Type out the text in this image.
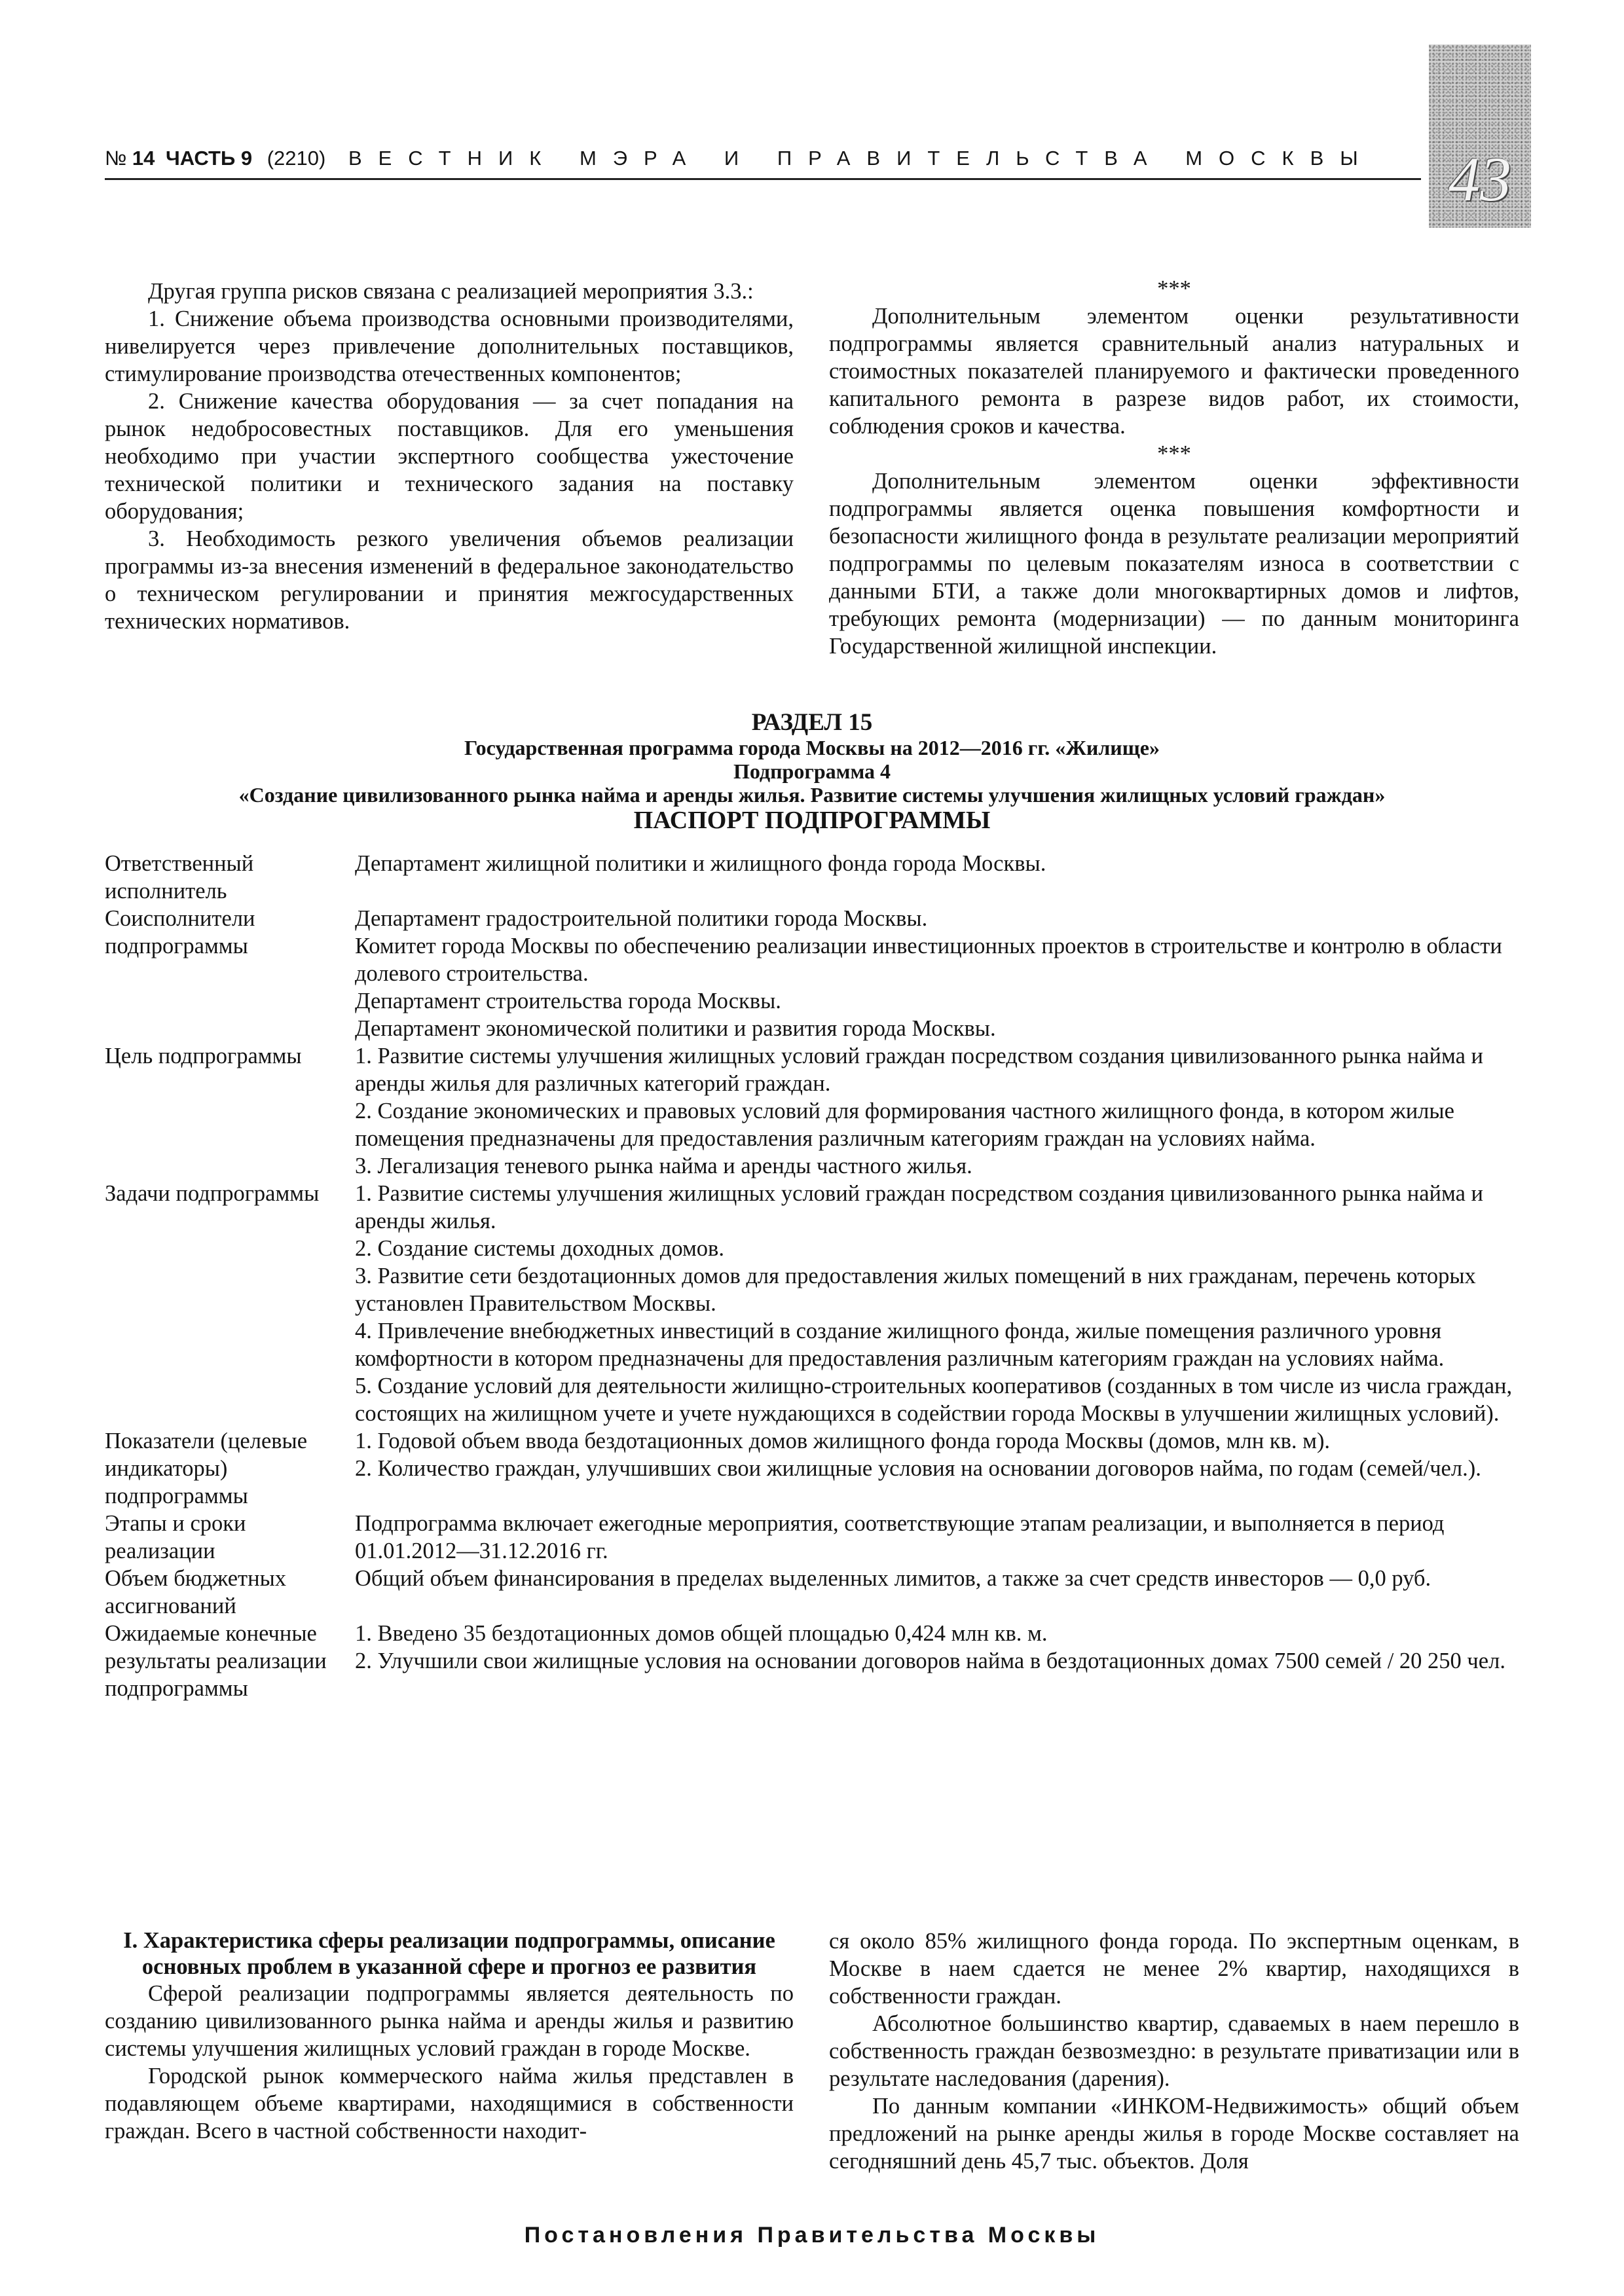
№ 14 ЧАСТЬ 9 (2210) ВЕСТНИК МЭРА И ПРАВИТЕЛЬСТВА МОСКВЫ	43

Другая группа рисков связана с реализацией мероприятия 3.3.:

1. Снижение объема производства основными производителями, нивелируется через привлечение дополнительных поставщиков, стимулирование производства отечественных компонентов;

2. Снижение качества оборудования — за счет попадания на рынок недобросовестных поставщиков. Для его уменьшения необходимо при участии экспертного сообщества ужесточение технической политики и технического задания на поставку оборудования;

3. Необходимость резкого увеличения объемов реализации программы из-за внесения изменений в федеральное законодательство о техническом регулировании и принятия межгосударственных технических нормативов.

***

Дополнительным элементом оценки результативности подпрограммы является сравнительный анализ натуральных и стоимостных показателей планируемого и фактически проведенного капитального ремонта в разрезе видов работ, их стоимости, соблюдения сроков и качества.

***

Дополнительным элементом оценки эффективности подпрограммы является оценка повышения комфортности и безопасности жилищного фонда в результате реализации мероприятий подпрограммы по целевым показателям износа в соответствии с данными БТИ, а также доли многоквартирных домов и лифтов, требующих ремонта (модернизации) — по данным мониторинга Государственной жилищной инспекции.

РАЗДЕЛ 15
Государственная программа города Москвы на 2012—2016 гг. «Жилище»
Подпрограмма 4
«Создание цивилизованного рынка найма и аренды жилья. Развитие системы улучшения жилищных условий граждан»
ПАСПОРТ ПОДПРОГРАММЫ
Ответственный исполнитель	Департамент жилищной политики и жилищного фонда города Москвы.

Соисполнители подпрограммы	Департамент градостроительной политики города Москвы.
Комитет города Москвы по обеспечению реализации инвестиционных проектов в строительстве и контролю в области долевого строительства.
Департамент строительства города Москвы.
Департамент экономической политики и развития города Москвы.

Цель подпрограммы	1. Развитие системы улучшения жилищных условий граждан посредством создания цивилизованного рынка найма и аренды жилья для различных категорий граждан.
2. Создание экономических и правовых условий для формирования частного жилищного фонда, в котором жилые помещения предназначены для предоставления различным категориям граждан на условиях найма.
3. Легализация теневого рынка найма и аренды частного жилья.

Задачи подпрограммы	1. Развитие системы улучшения жилищных условий граждан посредством создания цивилизованного рынка найма и аренды жилья.
2. Создание системы доходных домов.
3. Развитие сети бездотационных домов для предоставления жилых помещений в них гражданам, перечень которых установлен Правительством Москвы.
4. Привлечение внебюджетных инвестиций в создание жилищного фонда, жилые помещения различного уровня комфортности в котором предназначены для предоставления различным категориям граждан на условиях найма.
5. Создание условий для деятельности жилищно-строительных кооперативов (созданных в том числе из числа граждан, состоящих на жилищном учете и учете нуждающихся в содействии города Москвы в улучшении жилищных условий).

Показатели (целевые индикаторы) подпрограммы	1. Годовой объем ввода бездотационных домов жилищного фонда города Москвы (домов, млн кв. м).
2. Количество граждан, улучшивших свои жилищные условия на основании договоров найма, по годам (семей/чел.).

Этапы и сроки реализации	Подпрограмма включает ежегодные мероприятия, соответствующие этапам реализации, и выполняется в период 01.01.2012—31.12.2016 гг.

Объем бюджетных ассигнований	Общий объем финансирования в пределах выделенных лимитов, а также за счет средств инвесторов — 0,0 руб.

Ожидаемые конечные результаты реализации подпрограммы	1. Введено 35 бездотационных домов общей площадью 0,424 млн кв. м.
2. Улучшили свои жилищные условия на основании договоров найма в бездотационных домах 7500 семей / 20 250 чел.

I. Характеристика сферы реализации подпрограммы, описание основных проблем в указанной сфере и прогноз ее развития

Сферой реализации подпрограммы является деятельность по созданию цивилизованного рынка найма и аренды жилья и развитию системы улучшения жилищных условий граждан в городе Москве.

Городской рынок коммерческого найма жилья представлен в подавляющем объеме квартирами, находящимися в собственности граждан. Всего в частной собственности находит-

ся около 85% жилищного фонда города. По экспертным оценкам, в Москве в наем сдается не менее 2% квартир, находящихся в собственности граждан.

Абсолютное большинство квартир, сдаваемых в наем перешло в собственность граждан безвозмездно: в результате приватизации или в результате наследования (дарения).

По данным компании «ИНКОМ-Недвижимость» общий объем предложений на рынке аренды жилья в городе Москве составляет на сегодняшний день 45,7 тыс. объектов. Доля

Постановления Правительства Москвы
